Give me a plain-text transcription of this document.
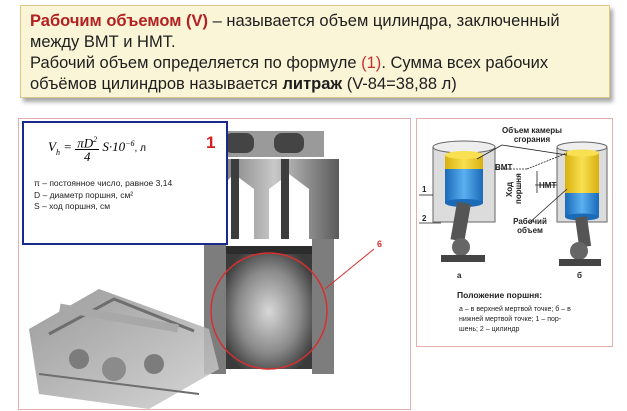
Рабочим объемом (V) – называется объем цилиндра, заключенный
между ВМТ и НМТ.
Рабочий объем определяется по формуле (1). Сумма всех рабочих
объёмов цилиндров называется литраж (V-84=38,88 л)
6
$V_h = \frac{\pi D^2}{4} S\cdot 10^{-6}$, л	1
π – постоянное число, равное 3,14
D – диаметр поршня, см²
S – ход поршня, см
Объем камеры сгорания
ВМТ
Ход поршня	НМТ
Рабочий объем
1
2
а	б
Положение поршня:
а – в верхней мертвой точке; б – в
нижней мертвой точке; 1 – пор-
шень; 2 – цилиндр
